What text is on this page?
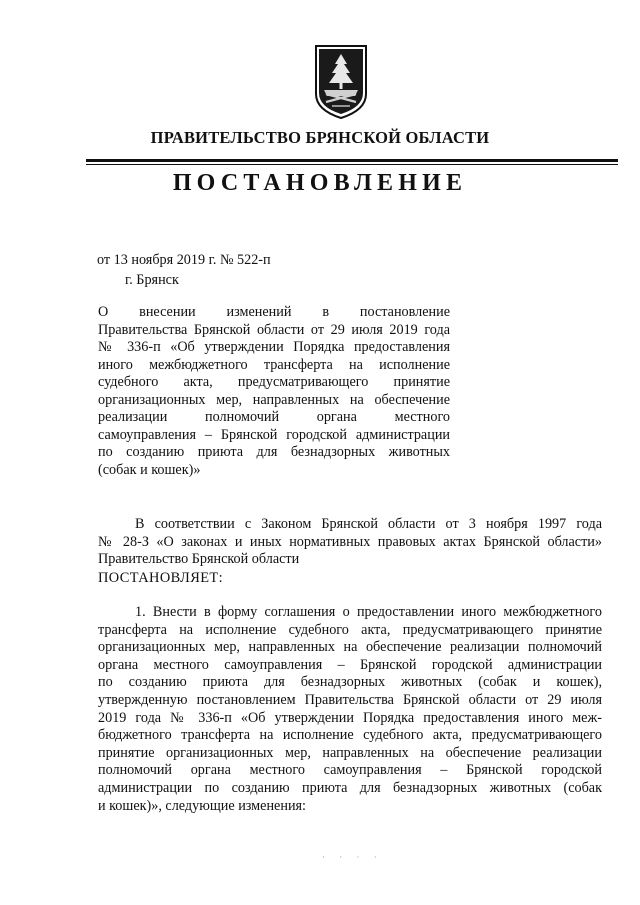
ПРАВИТЕЛЬСТВО БРЯНСКОЙ ОБЛАСТИ
ПОСТАНОВЛЕНИЕ
от 13 ноября 2019 г. № 522-п
г. Брянск
О внесении изменений в постановление
Правительства Брянской области от 29 июля 2019 года
№ 336-п «Об утверждении Порядка предоставления
иного межбюджетного трансферта на исполнение
судебного акта, предусматривающего принятие
организационных мер, направленных на обеспечение
реализации полномочий органа местного
самоуправления – Брянской городской администрации
по созданию приюта для безнадзорных животных
(собак и кошек)»
В соответствии с Законом Брянской области от 3 ноября 1997 года
№ 28-З «О законах и иных нормативных правовых актах Брянской области»
Правительство Брянской области
ПОСТАНОВЛЯЕТ:
1. Внести в форму соглашения о предоставлении иного межбюджетного
трансферта на исполнение судебного акта, предусматривающего принятие
организационных мер, направленных на обеспечение реализации полномочий
органа местного самоуправления – Брянской городской администрации
по созданию приюта для безнадзорных животных (собак и кошек),
утвержденную постановлением Правительства Брянской области от 29 июля
2019 года № 336-п «Об утверждении Порядка предоставления иного меж-
бюджетного трансферта на исполнение судебного акта, предусматривающего
принятие организационных мер, направленных на обеспечение реализации
полномочий органа местного самоуправления – Брянской городской
администрации по созданию приюта для безнадзорных животных (собак
и кошек)», следующие изменения:
· · · ·
